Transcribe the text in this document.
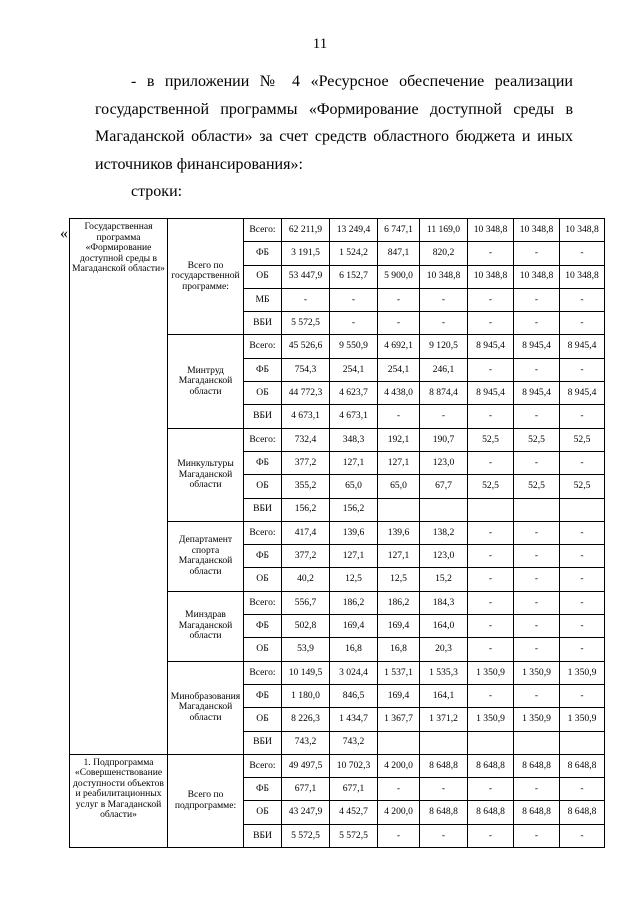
11
- в приложении № 4 «Ресурсное обеспечение реализации
государственной программы «Формирование доступной среды в
Магаданской области» за счет средств областного бюджета и иных
источников финансирования»:
строки:
« Государственная программа «Формирование доступной среды в Магаданской области»	Всего по государственной программе:	Всего:	62 211,9	13 249,4	6 747,1	11 169,0	10 348,8	10 348,8	10 348,8
		ФБ	3 191,5	1 524,2	847,1	820,2	-	-	-
		ОБ	53 447,9	6 152,7	5 900,0	10 348,8	10 348,8	10 348,8	10 348,8
		МБ	-	-	-	-	-	-	-
		ВБИ	5 572,5	-	-	-	-	-	-
	Минтруд Магаданской области	Всего:	45 526,6	9 550,9	4 692,1	9 120,5	8 945,4	8 945,4	8 945,4
		ФБ	754,3	254,1	254,1	246,1	-	-	-
		ОБ	44 772,3	4 623,7	4 438,0	8 874,4	8 945,4	8 945,4	8 945,4
		ВБИ	4 673,1	4 673,1	-	-	-	-	-
	Минкультуры Магаданской области	Всего:	732,4	348,3	192,1	190,7	52,5	52,5	52,5
		ФБ	377,2	127,1	127,1	123,0	-	-	-
		ОБ	355,2	65,0	65,0	67,7	52,5	52,5	52,5
		ВБИ	156,2	156,2					
	Департамент спорта Магаданской области	Всего:	417,4	139,6	139,6	138,2	-	-	-
		ФБ	377,2	127,1	127,1	123,0	-	-	-
		ОБ	40,2	12,5	12,5	15,2	-	-	-
	Минздрав Магаданской области	Всего:	556,7	186,2	186,2	184,3	-	-	-
		ФБ	502,8	169,4	169,4	164,0	-	-	-
		ОБ	53,9	16,8	16,8	20,3	-	-	-
	Минобразования Магаданской области	Всего:	10 149,5	3 024,4	1 537,1	1 535,3	1 350,9	1 350,9	1 350,9
		ФБ	1 180,0	846,5	169,4	164,1	-	-	-
		ОБ	8 226,3	1 434,7	1 367,7	1 371,2	1 350,9	1 350,9	1 350,9
		ВБИ	743,2	743,2					
1. Подпрограмма «Совершенствование доступности объектов и реабилитационных услуг в Магаданской области»	Всего по подпрограмме:	Всего:	49 497,5	10 702,3	4 200,0	8 648,8	8 648,8	8 648,8	8 648,8
		ФБ	677,1	677,1	-	-	-	-	-
		ОБ	43 247,9	4 452,7	4 200,0	8 648,8	8 648,8	8 648,8	8 648,8
		ВБИ	5 572,5	5 572,5	-	-	-	-	-
